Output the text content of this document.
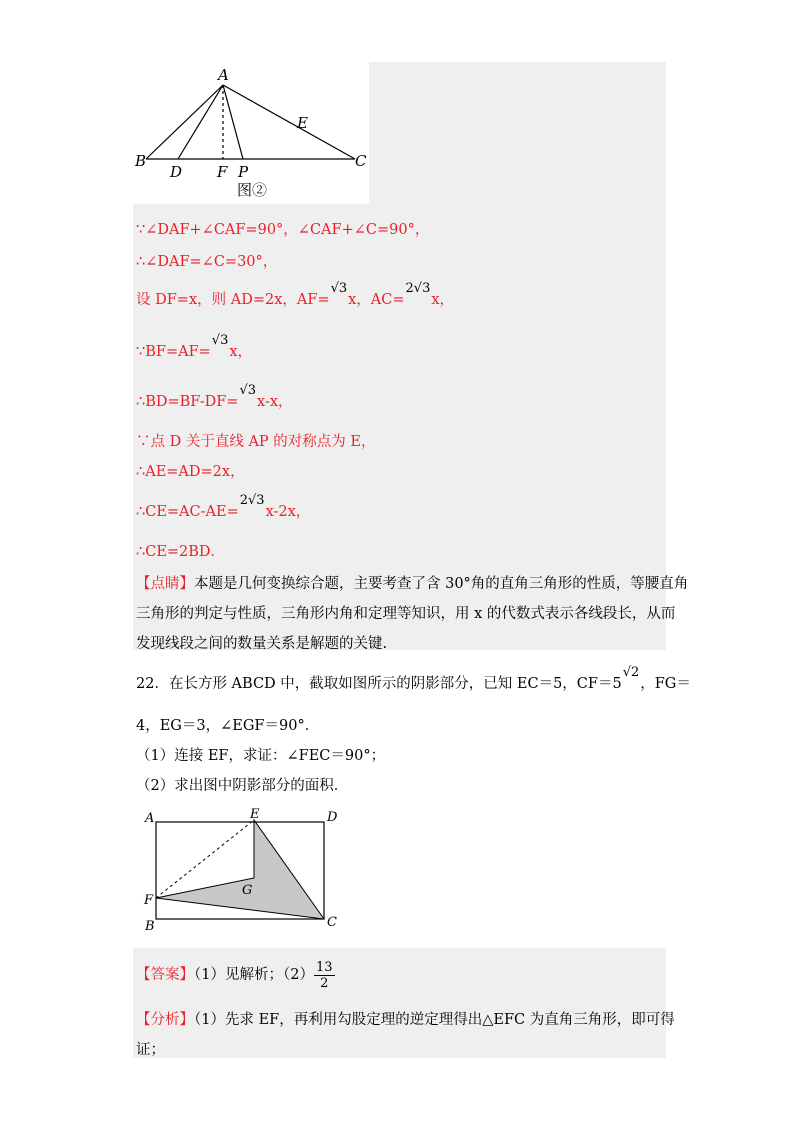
A
B	C
D
E
F P
图②
∵∠DAF+∠CAF=90°，∠CAF+∠C=90°，
∴∠DAF=∠C=30°，
设 DF=x，则 AD=2x，AF=√3x，AC=2√3x，
∵BF=AF=√3x，
∴BD=BF-DF=√3x-x，
∵点 D 关于直线 AP 的对称点为 E，
∴AE=AD=2x，
∴CE=AC-AE=2√3x-2x，
∴CE=2BD．
【点睛】本题是几何变换综合题，主要考查了含 30°角的直角三角形的性质，等腰直角
三角形的判定与性质，三角形内角和定理等知识，用 x 的代数式表示各线段长，从而
发现线段之间的数量关系是解题的关键.
22．在长方形 ABCD 中，截取如图所示的阴影部分，已知 EC＝5，CF＝5√2，FG＝
4，EG＝3，∠EGF＝90°．
（1）连接 EF，求证：∠FEC＝90°；
（2）求出图中阴影部分的面积．
A	E	D
F
G
B	C
【答案】（1）见解析；$(2) \frac{13}{2}$
【分析】（1）先求 EF，再利用勾股定理的逆定理得出△EFC 为直角三角形，即可得
证；
